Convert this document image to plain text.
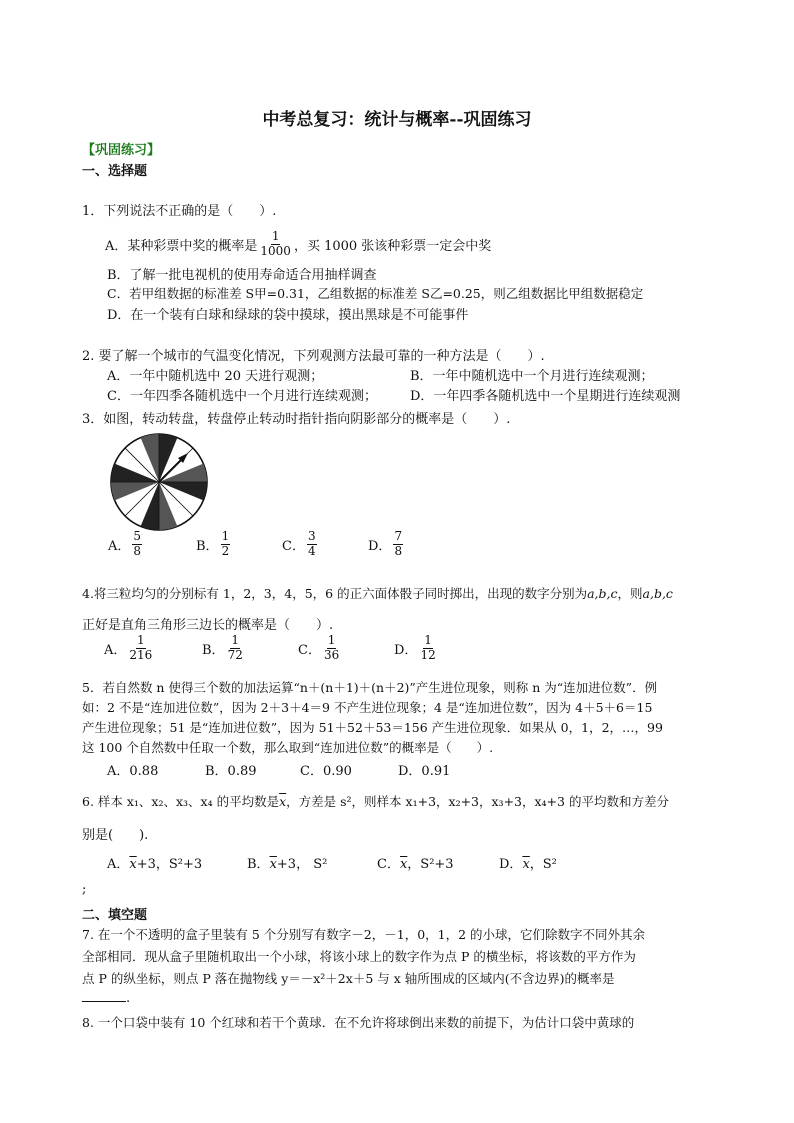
中考总复习：统计与概率--巩固练习
【巩固练习】
一、选择题
1．下列说法不正确的是（　　）.
A．某种彩票中奖的概率是 $\frac{1}{1000}$ ，买 1000 张该种彩票一定会中奖
B．了解一批电视机的使用寿命适合用抽样调查
C．若甲组数据的标准差 S甲=0.31，乙组数据的标准差 S乙=0.25，则乙组数据比甲组数据稳定
D．在一个装有白球和绿球的袋中摸球，摸出黑球是不可能事件
2. 要了解一个城市的气温变化情况，下列观测方法最可靠的一种方法是（　　）.
A．一年中随机选中 20 天进行观测；	B．一年中随机选中一个月进行连续观测；
C．一年四季各随机选中一个月进行连续观测；	D．一年四季各随机选中一个星期进行连续观测
3．如图，转动转盘，转盘停止转动时指针指向阴影部分的概率是（　　）.
A． $\frac{5}{8}$	B． $\frac{1}{2}$	C． $\frac{3}{4}$	D． $\frac{7}{8}$
4.将三粒均匀的分别标有 1，2，3，4，5，6 的正六面体骰子同时掷出，出现的数字分别为a,b,c，则a,b,c
正好是直角三角形三边长的概率是（　　）.
A． $\frac{1}{216}$	B． $\frac{1}{72}$	C． $\frac{1}{36}$	D． $\frac{1}{12}$
5．若自然数 n 使得三个数的加法运算“n＋(n＋1)＋(n＋2)”产生进位现象，则称 n 为“连加进位数”．例
如：2 不是“连加进位数”，因为 2＋3＋4＝9 不产生进位现象；4 是“连加进位数”，因为 4＋5＋6＝15
产生进位现象；51 是“连加进位数”，因为 51＋52＋53＝156 产生进位现象．如果从 0，1，2，…，99
这 100 个自然数中任取一个数，那么取到“连加进位数”的概率是（　　）.
A．0.88	B．0.89	C．0.90	D．0.91
6. 样本 x₁、x₂、x₃、x₄ 的平均数是$\overline{x}$，方差是 s²，则样本 x₁+3，x₂+3，x₃+3，x₄+3 的平均数和方差分
别是(　　).
A．$\overline{x}+3$，S²+3	B．$\overline{x}+3$， S²	C．$\overline{x}$，S²+3	D．$\overline{x}$，S²
;
二、填空题
7. 在一个不透明的盒子里装有 5 个分别写有数字－2，－1，0，1，2 的小球，它们除数字不同外其余
全部相同．现从盒子里随机取出一个小球，将该小球上的数字作为点 P 的横坐标，将该数的平方作为
点 P 的纵坐标，则点 P 落在抛物线 y＝－x²＋2x＋5 与 x 轴所围成的区域内(不含边界)的概率是
.
8. 一个口袋中装有 10 个红球和若干个黄球．在不允许将球倒出来数的前提下，为估计口袋中黄球的
